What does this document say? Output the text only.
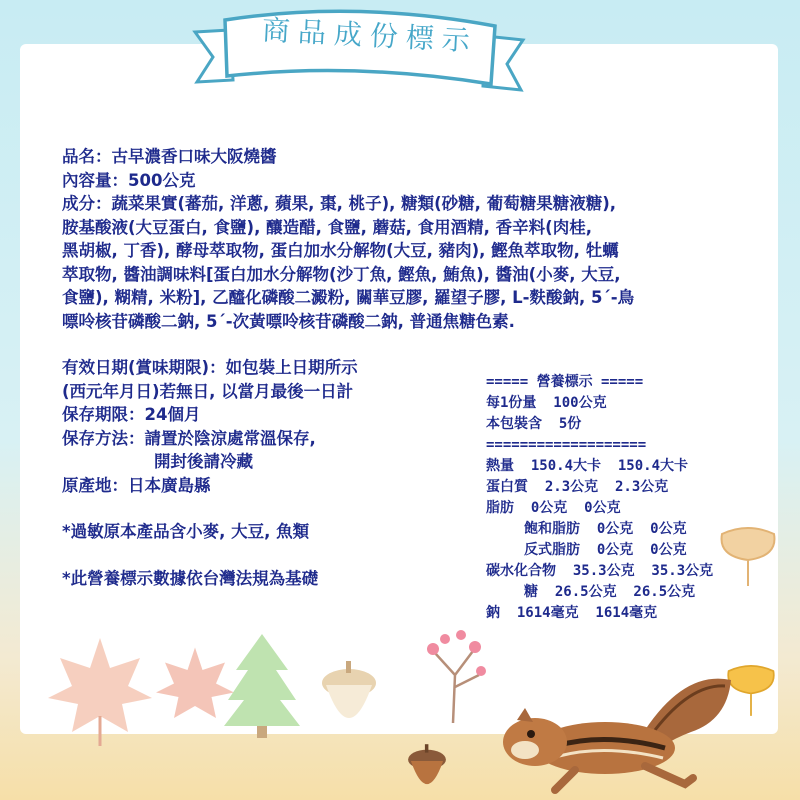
商品成份標示
品名：古早濃香口味大阪燒醬
內容量：500公克
成分：蔬菜果實(蕃茄, 洋蔥, 蘋果, 棗, 桃子), 糖類(砂糖, 葡萄糖果糖液糖),
胺基酸液(大豆蛋白, 食鹽), 釀造醋, 食鹽, 蘑菇, 食用酒精, 香辛料(肉桂,
黑胡椒, 丁香), 酵母萃取物, 蛋白加水分解物(大豆, 豬肉), 鰹魚萃取物, 牡蠣
萃取物, 醬油調味料[蛋白加水分解物(沙丁魚, 鰹魚, 鮪魚), 醬油(小麥, 大豆,
食鹽), 糊精, 米粉], 乙醯化磷酸二澱粉, 關華豆膠, 羅望子膠, L-麩酸鈉, 5´-鳥
嘌呤核苷磷酸二鈉, 5´-次黃嘌呤核苷磷酸二鈉, 普通焦糖色素.
有效日期(賞味期限)：如包裝上日期所示
(西元年月日)若無日, 以當月最後一日計
保存期限：24個月
保存方法：請置於陰涼處常溫保存,
開封後請冷藏
原產地：日本廣島縣
*過敏原本產品含小麥, 大豆, 魚類
*此營養標示數據依台灣法規為基礎
===== 營養標示 =====
每1份量  100公克
本包裝含  5份
===================
熱量  150.4大卡  150.4大卡
蛋白質  2.3公克  2.3公克
脂肪  0公克  0公克
飽和脂肪  0公克  0公克
反式脂肪  0公克  0公克
碳水化合物  35.3公克  35.3公克
糖  26.5公克  26.5公克
鈉  1614毫克  1614毫克
